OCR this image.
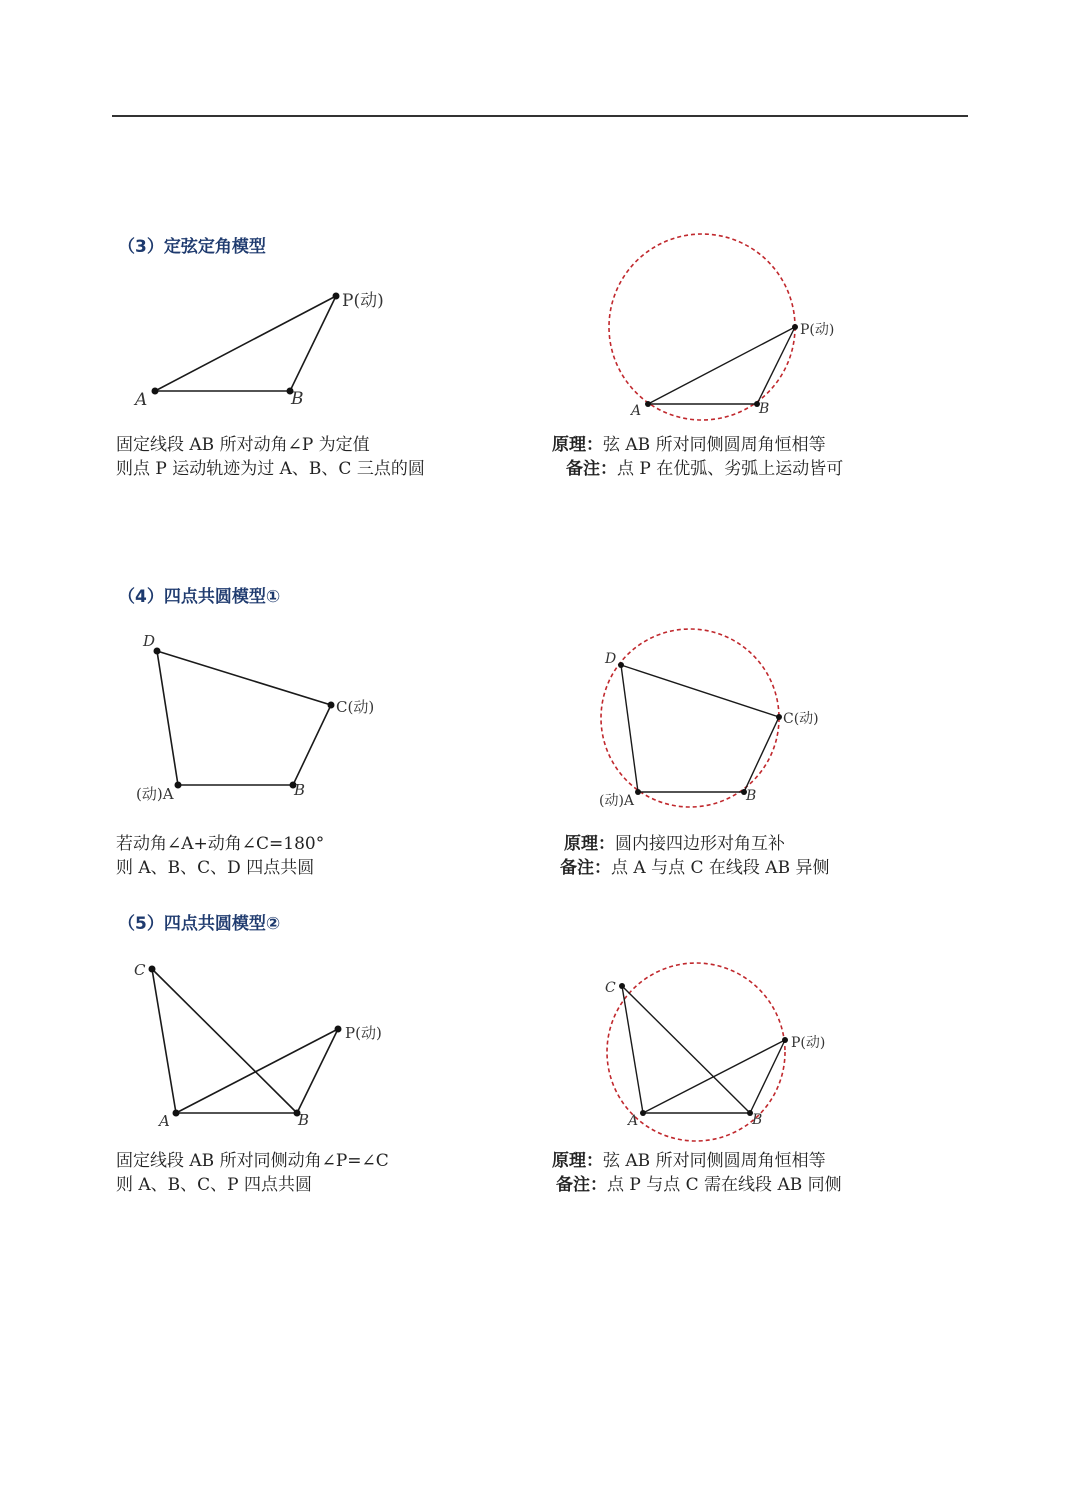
（3）定弦定角模型
A	B
P(动)
A	B
P(动)
D
C(动)
B
(动)A
D
C(动)
B
(动)A
C
A	B
P(动)
C
A	B
P(动)
固定线段 AB 所对动角∠P 为定值
则点 P 运动轨迹为过 A、B、C 三点的圆
原理：弦 AB 所对同侧圆周角恒相等
备注：点 P 在优弧、劣弧上运动皆可
（4）四点共圆模型①
若动角∠A+动角∠C=180°
则 A、B、C、D 四点共圆
原理：圆内接四边形对角互补
备注：点 A 与点 C 在线段 AB 异侧
（5）四点共圆模型②
固定线段 AB 所对同侧动角∠P=∠C
则 A、B、C、P 四点共圆
原理：弦 AB 所对同侧圆周角恒相等
备注：点 P 与点 C 需在线段 AB 同侧
